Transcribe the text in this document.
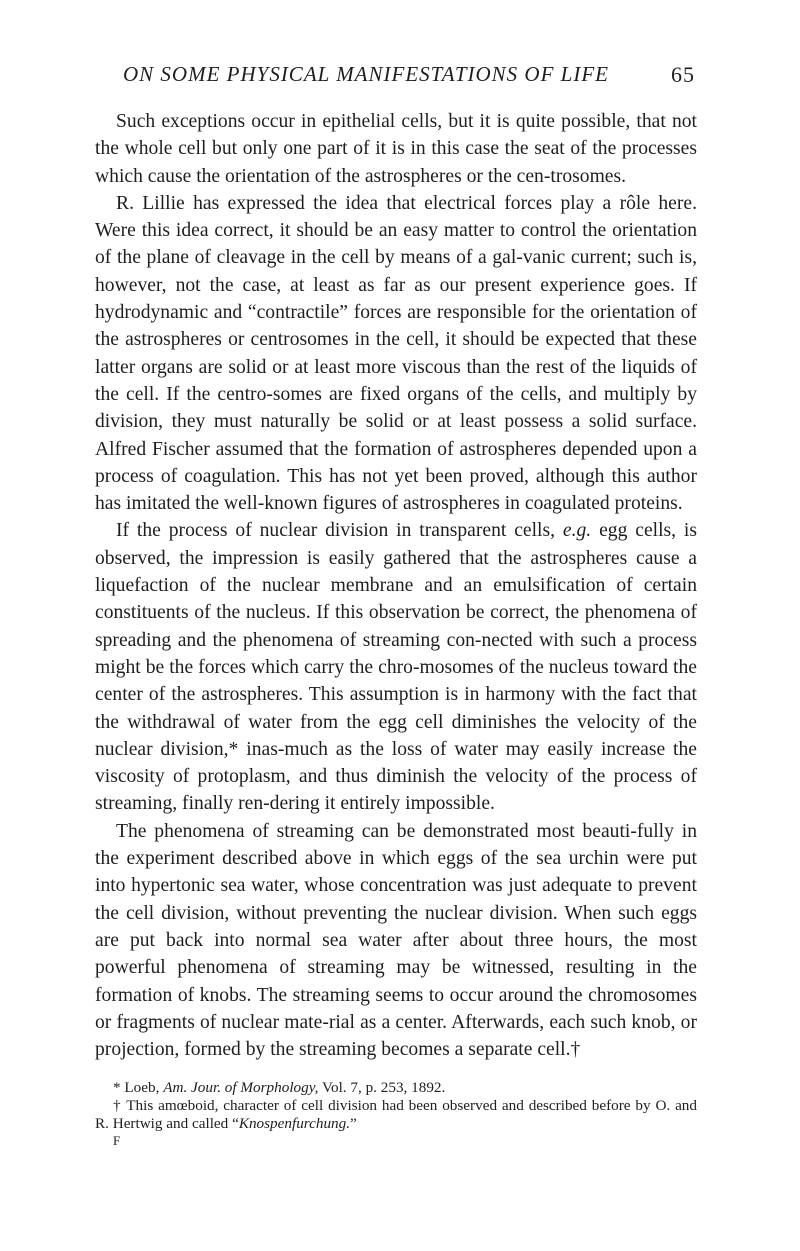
ON SOME PHYSICAL MANIFESTATIONS OF LIFE	65

Such exceptions occur in epithelial cells, but it is quite possible, that not the whole cell but only one part of it is in this case the seat of the processes which cause the orientation of the astrospheres or the cen-trosomes.

R. Lillie has expressed the idea that electrical forces play a rôle here. Were this idea correct, it should be an easy matter to control the orientation of the plane of cleavage in the cell by means of a gal-vanic current; such is, however, not the case, at least as far as our present experience goes. If hydrodynamic and “contractile” forces are responsible for the orientation of the astrospheres or centrosomes in the cell, it should be expected that these latter organs are solid or at least more viscous than the rest of the liquids of the cell. If the centro-somes are fixed organs of the cells, and multiply by division, they must naturally be solid or at least possess a solid surface. Alfred Fischer assumed that the formation of astrospheres depended upon a process of coagulation. This has not yet been proved, although this author has imitated the well-known figures of astrospheres in coagulated proteins.

If the process of nuclear division in transparent cells, e.g. egg cells, is observed, the impression is easily gathered that the astrospheres cause a liquefaction of the nuclear membrane and an emulsification of certain constituents of the nucleus. If this observation be correct, the phenomena of spreading and the phenomena of streaming con-nected with such a process might be the forces which carry the chro-mosomes of the nucleus toward the center of the astrospheres. This assumption is in harmony with the fact that the withdrawal of water from the egg cell diminishes the velocity of the nuclear division,* inas-much as the loss of water may easily increase the viscosity of protoplasm, and thus diminish the velocity of the process of streaming, finally ren-dering it entirely impossible.

The phenomena of streaming can be demonstrated most beauti-fully in the experiment described above in which eggs of the sea urchin were put into hypertonic sea water, whose concentration was just adequate to prevent the cell division, without preventing the nuclear division. When such eggs are put back into normal sea water after about three hours, the most powerful phenomena of streaming may be witnessed, resulting in the formation of knobs. The streaming seems to occur around the chromosomes or fragments of nuclear mate-rial as a center. Afterwards, each such knob, or projection, formed by the streaming becomes a separate cell.†

* Loeb, Am. Jour. of Morphology, Vol. 7, p. 253, 1892.

† This amœboid, character of cell division had been observed and described before by O. and R. Hertwig and called “Knospenfurchung.”

F
